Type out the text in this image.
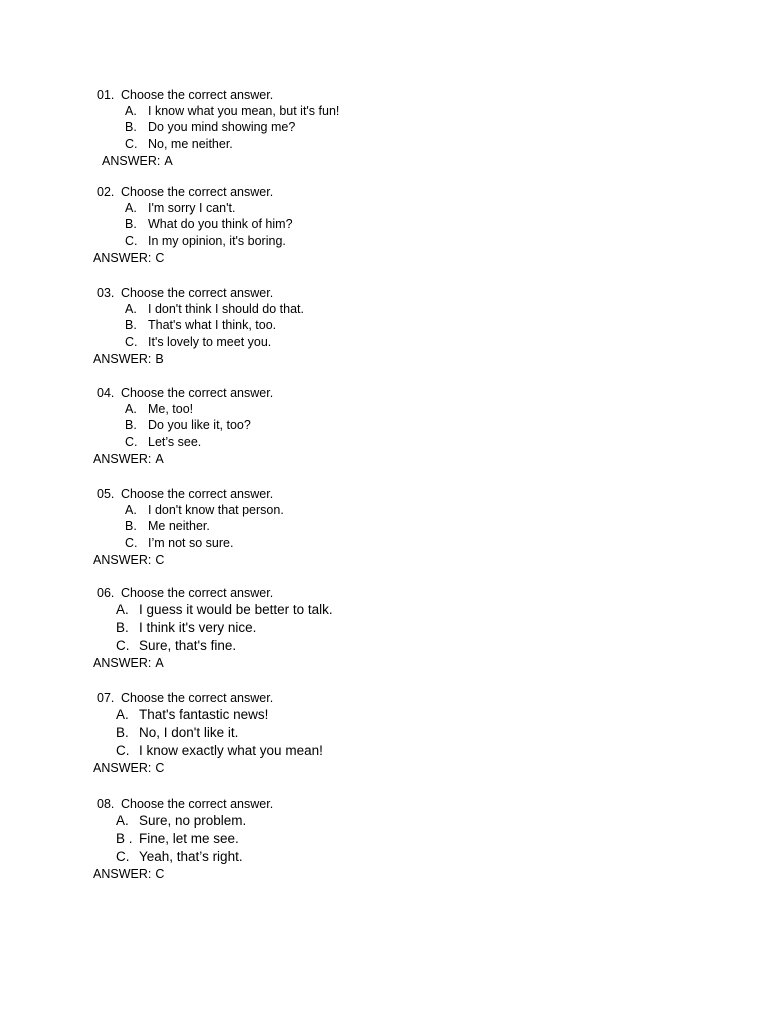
01. Choose the correct answer.
A. I know what you mean, but it's fun!
B. Do you mind showing me?
C. No, me neither.
ANSWER: A
02. Choose the correct answer.
A. I'm sorry I can't.
B. What do you think of him?
C. In my opinion, it's boring.
ANSWER: C
03. Choose the correct answer.
A. I don't think I should do that.
B. That's what I think, too.
C. It's lovely to meet you.
ANSWER: B
04. Choose the correct answer.
A. Me, too!
B. Do you like it, too?
C. Let’s see.
ANSWER: A
05. Choose the correct answer.
A. I don't know that person.
B. Me neither.
C. I’m not so sure.
ANSWER: C
06. Choose the correct answer.
A. I guess it would be better to talk.
B. I think it's very nice.
C. Sure, that's fine.
ANSWER: A
07. Choose the correct answer.
A. That's fantastic news!
B. No, I don't like it.
C. I know exactly what you mean!
ANSWER: C
08. Choose the correct answer.
A. Sure, no problem.
B . Fine, let me see.
C. Yeah, that’s right.
ANSWER: C
